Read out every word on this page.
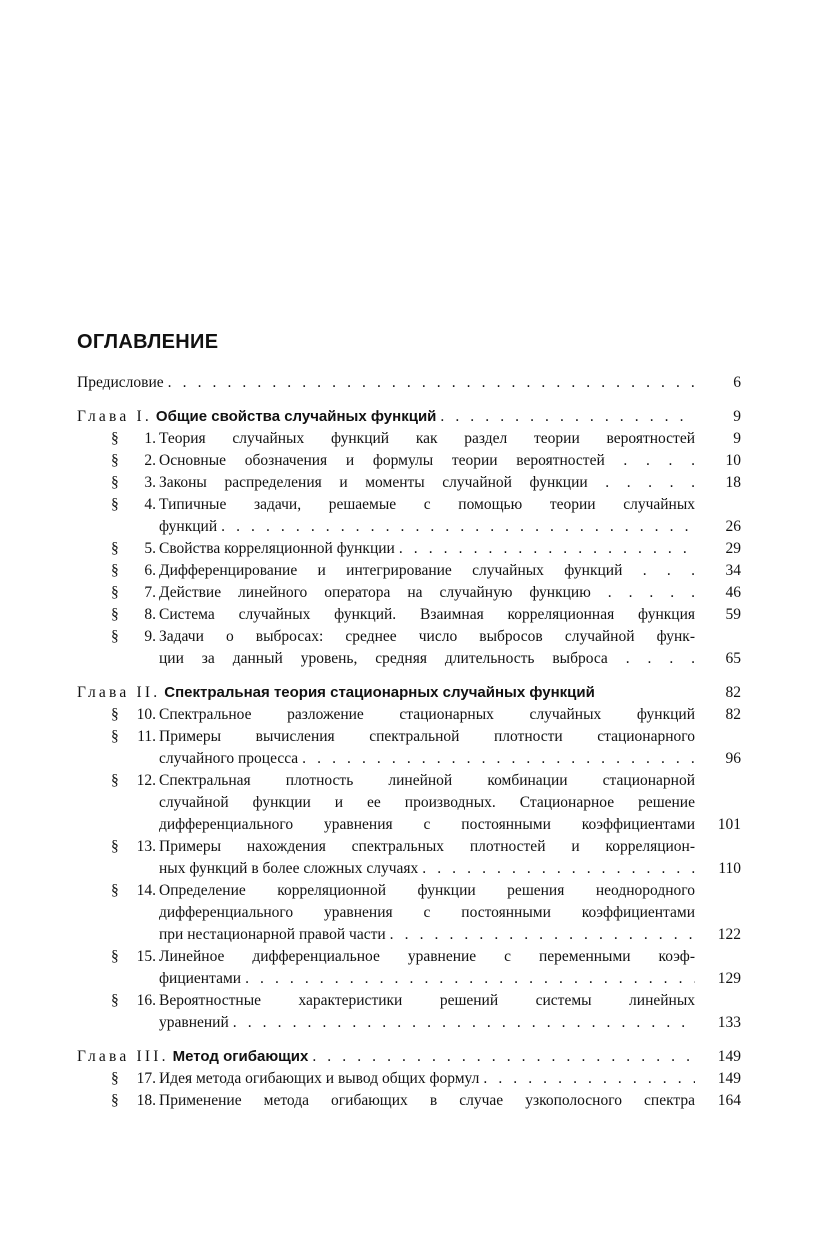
ОГЛАВЛЕНИЕ
Предисловие . . .	6
Глава I. Общие свойства случайных функций . . .	9
§	1. Теория случайных функций как раздел теории вероятностей	9
§	2. Основные обозначения и формулы теории вероятностей . . . .	10
§	3. Законы распределения и моменты случайной функции . . . . .	18
§	4. Типичные задачи, решаемые с помощью теории случайных
функций . . .	26
§	5. Свойства корреляционной функции . . .	29
§	6. Дифференцирование и интегрирование случайных функций . . .	34
§	7. Действие линейного оператора на случайную функцию . . . . .	46
§	8. Система случайных функций. Взаимная корреляционная функция	59
§	9. Задачи о выбросах: среднее число выбросов случайной функ-
ции за данный уровень, средняя длительность выброса . . . .	65
Глава II. Спектральная теория стационарных случайных функций	82
§	10. Спектральное разложение стационарных случайных функций	82
§	11. Примеры вычисления спектральной плотности стационарного
случайного процесса . . .	96
§	12. Спектральная плотность линейной комбинации стационарной
случайной функции и ее производных. Стационарное решение
дифференциального уравнения с постоянными коэффициентами	101
§	13. Примеры нахождения спектральных плотностей и корреляцион-
ных функций в более сложных случаях . . .	110
§	14. Определение корреляционной функции решения неоднородного
дифференциального уравнения с постоянными коэффициентами
при нестационарной правой части . . .	122
§	15. Линейное дифференциальное уравнение с переменными коэф-
фициентами . . .	129
§	16. Вероятностные характеристики решений системы линейных
уравнений . . .	133
Глава III. Метод огибающих . . .	149
§	17. Идея метода огибающих и вывод общих формул . . .	149
§	18. Применение метода огибающих в случае узкополосного спектра	164
